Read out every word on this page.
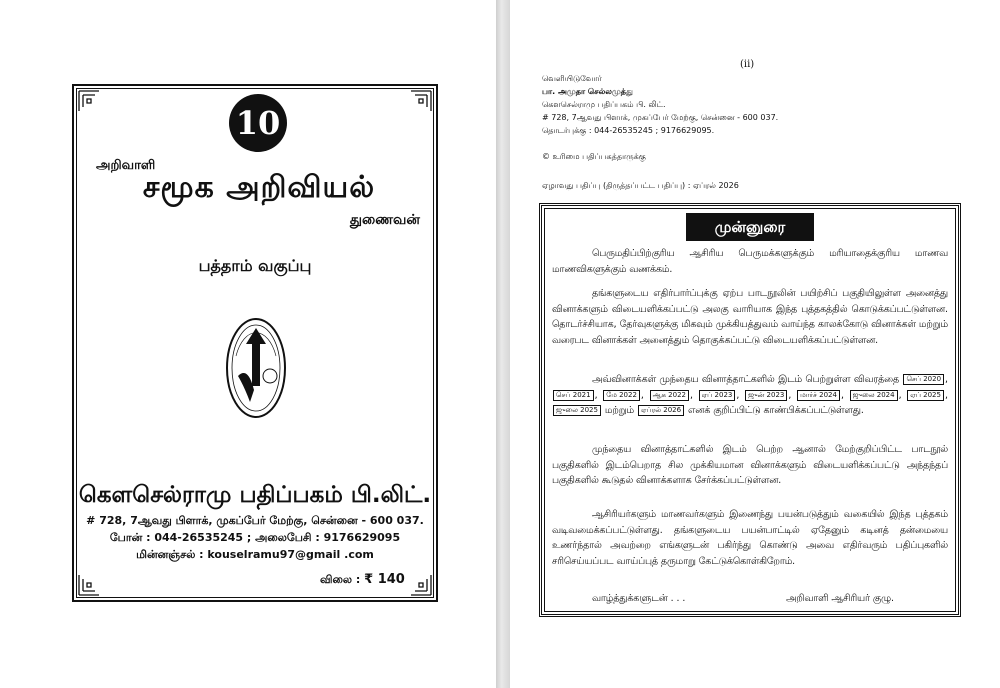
10
அறிவாளி
சமூக அறிவியல்
துணைவன்
பத்தாம் வகுப்பு
கௌசெல்ராமு பதிப்பகம் பி.லிட்.
# 728, 7ஆவது பிளாக், முகப்பேர் மேற்கு, சென்னை - 600 037.
போன் : 044-26535245 ; அலைபேசி : 9176629095
மின்னஞ்சல் : kouselramu97@gmail .com
விலை : ₹ 140
(ii)
வெளியிடுவோர்
பா. அமுதா செல்லமுத்து
கௌசெல்ராமு பதிப்பகம் பி. லிட்.
# 728, 7ஆவது பிளாக், முகப்பேர் மேற்கு, சென்னை - 600 037.
தொடர்புக்கு : 044-26535245 ; 9176629095.
© உரிமை பதிப்பகத்தாருக்கு
ஏழாவது பதிப்பு (திருத்தப்பட்ட பதிப்பு) : ஏப்ரல் 2026
முன்னுரை

பெருமதிப்பிற்குரிய ஆசிரிய பெருமக்களுக்கும் மரியாதைக்குரிய மாணவ மாணவிகளுக்கும் வணக்கம்.

தங்களுடைய எதிர்பார்ப்புக்கு ஏற்ப பாடநூலின் பயிற்சிப் பகுதியிலுள்ள அனைத்து வினாக்களும் விடையளிக்கப்பட்டு அலகு வாரியாக இந்த புத்தகத்தில் கொடுக்கப்பட்டுள்ளன. தொடர்ச்சியாக, தேர்வுகளுக்கு மிகவும் முக்கியத்துவம் வாய்ந்த காலக்கோடு வினாக்கள் மற்றும் வரைபட வினாக்கள் அனைத்தும் தொகுக்கப்பட்டு விடையளிக்கப்பட்டுள்ளன.

அவ்வினாக்கள் முந்தைய வினாத்தாட்களில் இடம் பெற்றுள்ள விவரத்தை செப் 2020 , செப் 2021 , மே 2022 , ஆக 2022 , ஏப் 2023 , ஜுன் 2023 , மார்ச் 2024 , ஜுலை 2024 , ஏப் 2025 , ஜுலை 2025 மற்றும் ஏப்ரல் 2026 எனக் குறிப்பிட்டு காண்பிக்கப்பட்டுள்ளது.

முந்தைய வினாத்தாட்களில் இடம் பெற்ற ஆனால் மேற்குறிப்பிட்ட பாடநூல் பகுதிகளில் இடம்பெறாத சில முக்கியமான வினாக்களும் விடையளிக்கப்பட்டு அந்தந்தப் பகுதிகளில் கூடுதல் வினாக்களாக சேர்க்கப்பட்டுள்ளன.

ஆசிரியர்களும் மாணவர்களும் இணைந்து பயன்படுத்தும் வகையில் இந்த புத்தகம் வடிவமைக்கப்பட்டுள்ளது. தங்களுடைய பயன்பாட்டில் ஏதேனும் கடினத் தன்மையை உணர்ந்தால் அவற்றை எங்களுடன் பகிர்ந்து கொண்டு அவை எதிர்வரும் பதிப்புகளில் சரிசெய்யப்பட வாய்ப்புத் தருமாறு கேட்டுக்கொள்கிறோம்.

வாழ்த்துக்களுடன் . . .	அறிவாளி ஆசிரியர் குழு.
